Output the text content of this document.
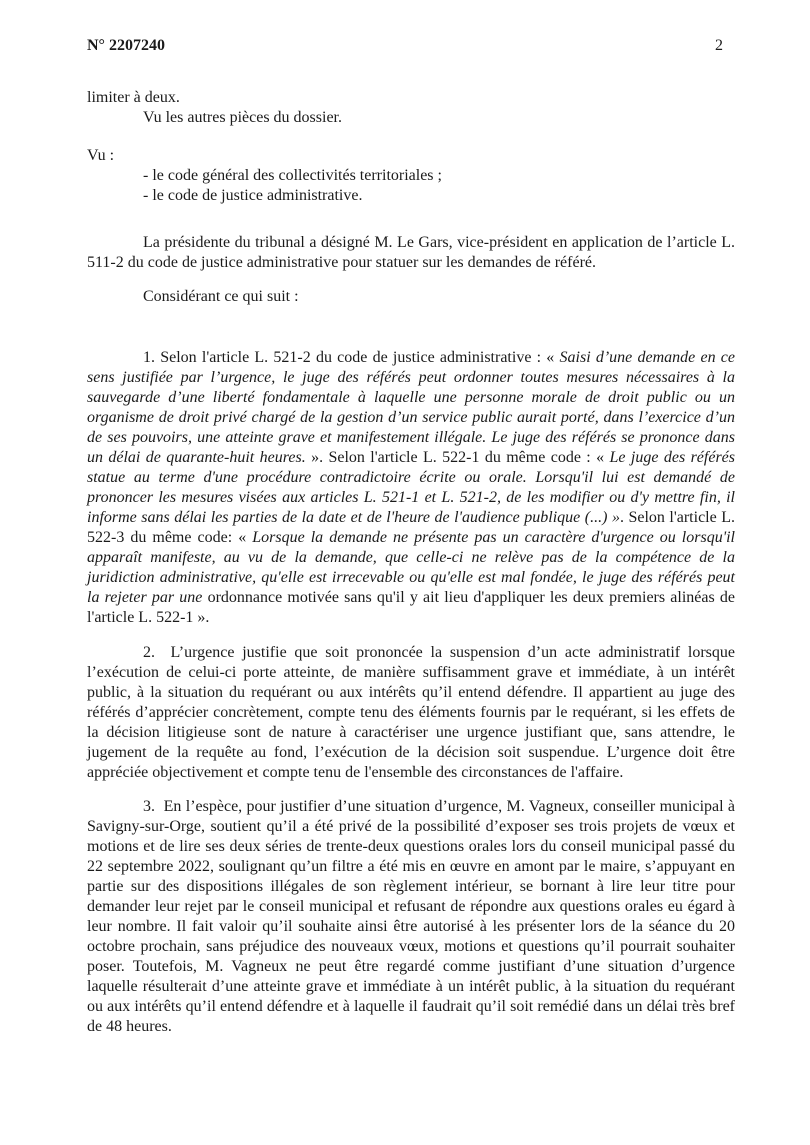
N° 2207240	2
limiter à deux.
Vu les autres pièces du dossier.
Vu :
- le code général des collectivités territoriales ;
- le code de justice administrative.

La présidente du tribunal a désigné M. Le Gars, vice-président en application de l’article L. 511-2 du code de justice administrative pour statuer sur les demandes de référé.

Considérant ce qui suit :

1. Selon l'article L. 521-2 du code de justice administrative : « Saisi d’une demande en ce sens justifiée par l’urgence, le juge des référés peut ordonner toutes mesures nécessaires à la sauvegarde d’une liberté fondamentale à laquelle une personne morale de droit public ou un organisme de droit privé chargé de la gestion d’un service public aurait porté, dans l’exercice d’un de ses pouvoirs, une atteinte grave et manifestement illégale. Le juge des référés se prononce dans un délai de quarante-huit heures. ». Selon l'article L. 522-1 du même code : « Le juge des référés statue au terme d'une procédure contradictoire écrite ou orale. Lorsqu'il lui est demandé de prononcer les mesures visées aux articles L. 521-1 et L. 521-2, de les modifier ou d'y mettre fin, il informe sans délai les parties de la date et de l'heure de l'audience publique (...) ». Selon l'article L. 522-3 du même code: « Lorsque la demande ne présente pas un caractère d'urgence ou lorsqu'il apparaît manifeste, au vu de la demande, que celle-ci ne relève pas de la compétence de la juridiction administrative, qu'elle est irrecevable ou qu'elle est mal fondée, le juge des référés peut la rejeter par une ordonnance motivée sans qu'il y ait lieu d'appliquer les deux premiers alinéas de l'article L. 522-1 ».

2.  L’urgence justifie que soit prononcée la suspension d’un acte administratif lorsque l’exécution de celui-ci porte atteinte, de manière suffisamment grave et immédiate, à un intérêt public, à la situation du requérant ou aux intérêts qu’il entend défendre. Il appartient au juge des référés d’apprécier concrètement, compte tenu des éléments fournis par le requérant, si les effets de la décision litigieuse sont de nature à caractériser une urgence justifiant que, sans attendre, le jugement de la requête au fond, l’exécution de la décision soit suspendue. L’urgence doit être appréciée objectivement et compte tenu de l'ensemble des circonstances de l'affaire.

3.  En l’espèce, pour justifier d’une situation d’urgence, M. Vagneux, conseiller municipal à Savigny-sur-Orge, soutient qu’il a été privé de la possibilité d’exposer ses trois projets de vœux et motions et de lire ses deux séries de trente-deux questions orales lors du conseil municipal passé du 22 septembre 2022, soulignant qu’un filtre a été mis en œuvre en amont par le maire, s’appuyant en partie sur des dispositions illégales de son règlement intérieur, se bornant à lire leur titre pour demander leur rejet par le conseil municipal et refusant de répondre aux questions orales eu égard à leur nombre. Il fait valoir qu’il souhaite ainsi être autorisé à les présenter lors de la séance du 20 octobre prochain, sans préjudice des nouveaux vœux, motions et questions qu’il pourrait souhaiter poser. Toutefois, M. Vagneux ne peut être regardé comme justifiant d’une situation d’urgence laquelle résulterait d’une atteinte grave et immédiate à un intérêt public, à la situation du requérant ou aux intérêts qu’il entend défendre et à laquelle il faudrait qu’il soit remédié dans un délai très bref de 48 heures.
